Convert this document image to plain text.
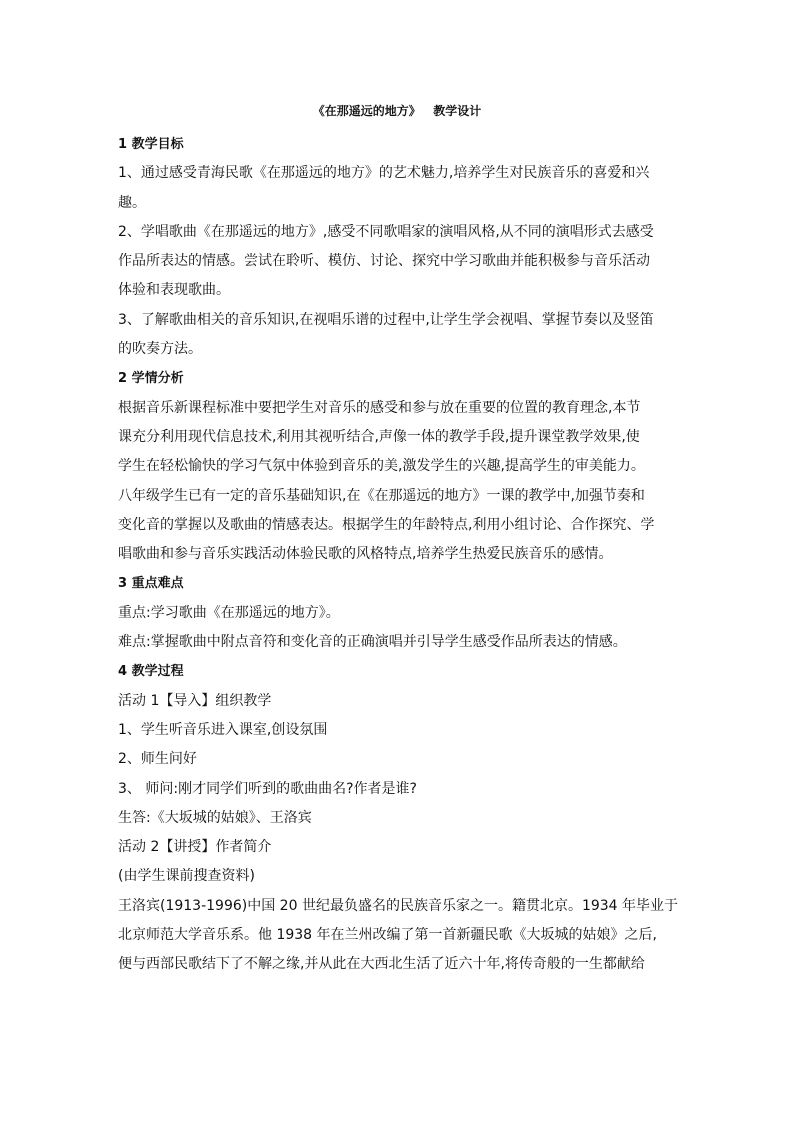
《在那遥远的地方》   教学设计

1 教学目标

1、通过感受青海民歌《在那遥远的地方》的艺术魅力,培养学生对民族音乐的喜爱和兴

趣。

2、学唱歌曲《在那遥远的地方》,感受不同歌唱家的演唱风格,从不同的演唱形式去感受

作品所表达的情感。尝试在聆听、模仿、讨论、探究中学习歌曲并能积极参与音乐活动

体验和表现歌曲。

3、了解歌曲相关的音乐知识,在视唱乐谱的过程中,让学生学会视唱、掌握节奏以及竖笛

的吹奏方法。

2 学情分析

根据音乐新课程标准中要把学生对音乐的感受和参与放在重要的位置的教育理念,本节

课充分利用现代信息技术,利用其视听结合,声像一体的教学手段,提升课堂教学效果,使

学生在轻松愉快的学习气氛中体验到音乐的美,激发学生的兴趣,提高学生的审美能力。

八年级学生已有一定的音乐基础知识,在《在那遥远的地方》一课的教学中,加强节奏和

变化音的掌握以及歌曲的情感表达。根据学生的年龄特点,利用小组讨论、合作探究、学

唱歌曲和参与音乐实践活动体验民歌的风格特点,培养学生热爱民族音乐的感情。

3 重点难点

重点:学习歌曲《在那遥远的地方》。

难点:掌握歌曲中附点音符和变化音的正确演唱并引导学生感受作品所表达的情感。

4 教学过程

活动 1【导入】组织教学

1、学生听音乐进入课室,创设氛围

2、师生问好

3、 师问:刚才同学们听到的歌曲曲名?作者是谁?

生答:《大坂城的姑娘》、王洛宾

活动 2【讲授】作者简介

(由学生课前搜查资料)

王洛宾(1913-1996)中国 20 世纪最负盛名的民族音乐家之一。籍贯北京。1934 年毕业于

北京师范大学音乐系。他 1938 年在兰州改编了第一首新疆民歌《大坂城的姑娘》之后,

便与西部民歌结下了不解之缘,并从此在大西北生活了近六十年,将传奇般的一生都献给
